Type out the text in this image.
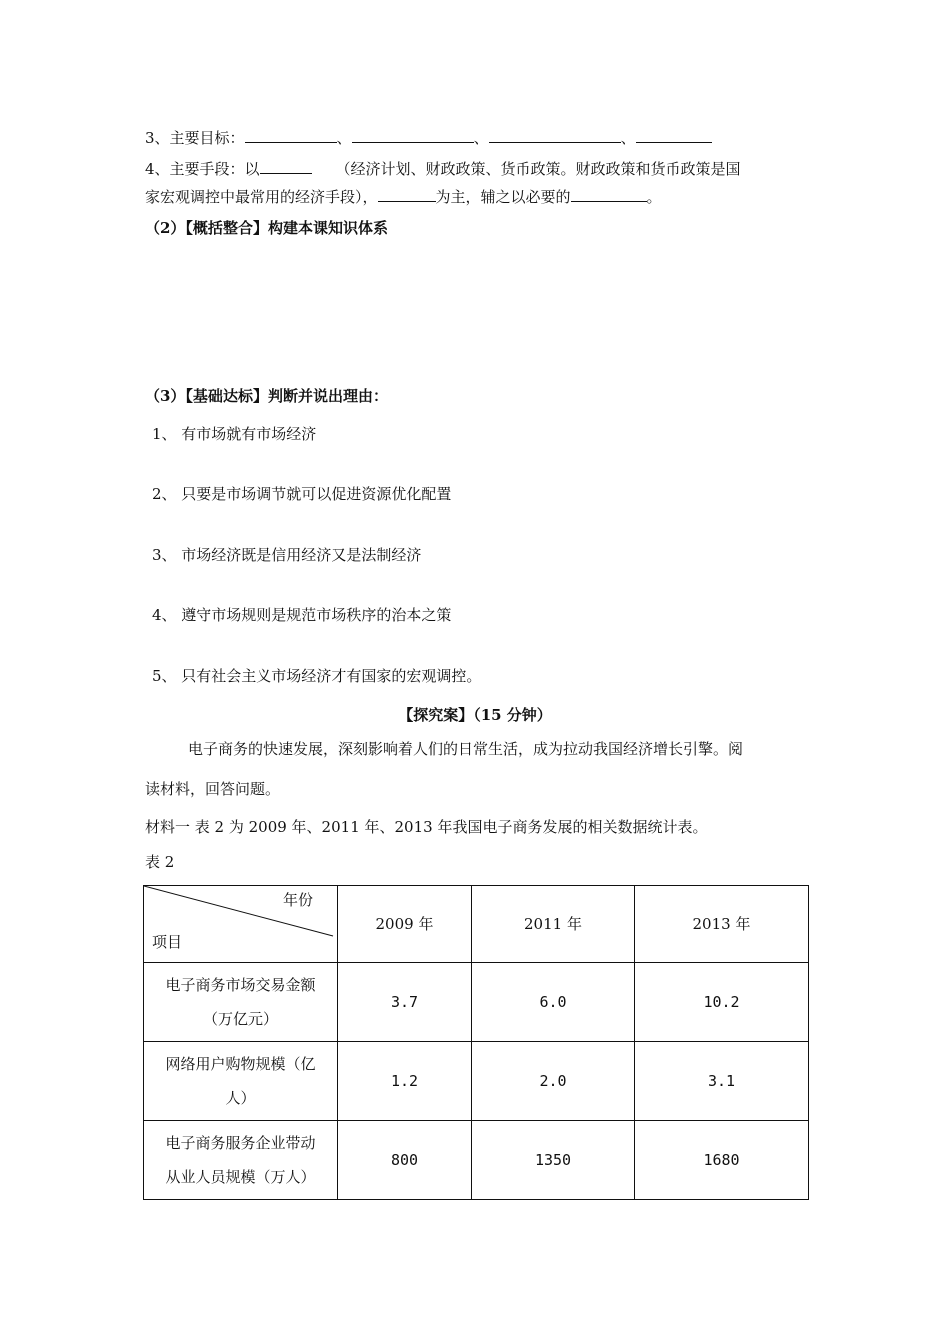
3、主要目标：	、	、	、
4、主要手段：以	（经济计划、财政政策、货币政策。财政政策和货币政策是国
家宏观调控中最常用的经济手段），	为主，辅之以必要的	。
（2）【概括整合】构建本课知识体系
（3）【基础达标】判断并说出理由：
1、 有市场就有市场经济
2、 只要是市场调节就可以促进资源优化配置
3、 市场经济既是信用经济又是法制经济
4、 遵守市场规则是规范市场秩序的治本之策
5、 只有社会主义市场经济才有国家的宏观调控。
【探究案】（15 分钟）
电子商务的快速发展，深刻影响着人们的日常生活，成为拉动我国经济增长引擎。阅
读材料，回答问题。
材料一 表 2 为 2009 年、2011 年、2013 年我国电子商务发展的相关数据统计表。
表 2
年份
项目	2009 年	2011 年	2013 年

电子商务市场交易金额
（万亿元）	3.7	6.0	10.2

网络用户购物规模（亿
人）	1.2	2.0	3.1

电子商务服务企业带动
从业人员规模（万人）	800	1350	1680
